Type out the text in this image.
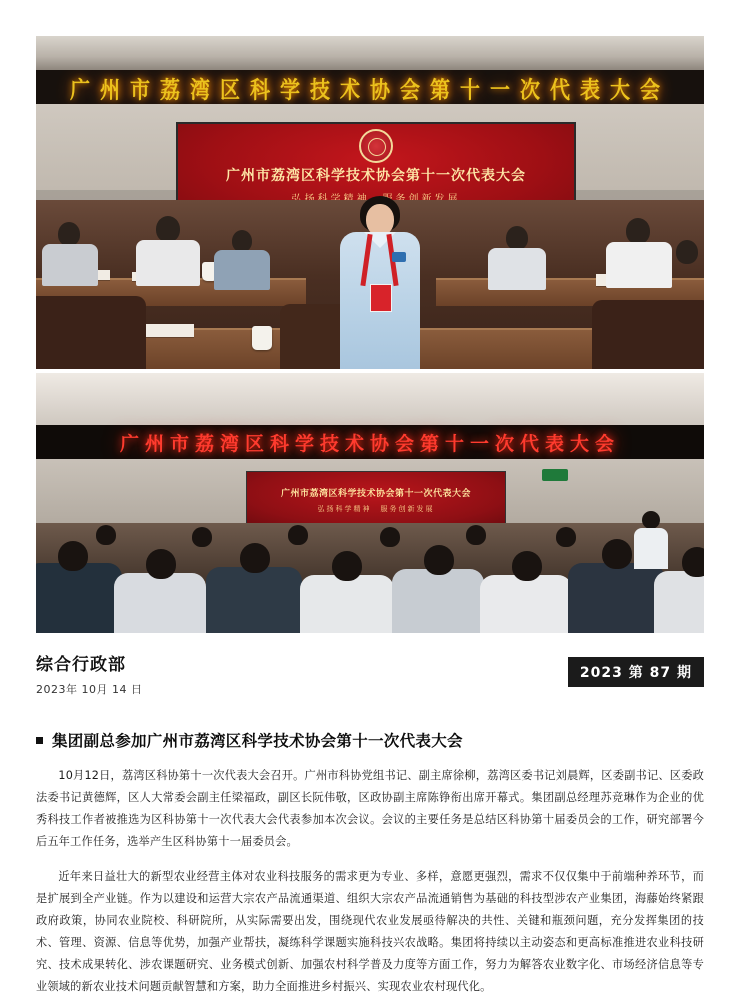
广州市荔湾区科学技术协会第十一次代表大会
广州市荔湾区科学技术协会第十一次代表大会
广州市荔湾区科学技术协会第十一次代表大会
广州市荔湾区科学技术协会第十一次代表大会
弘扬科学精神　服务创新发展
综合行政部
2023年 10月 14 日
2023 第 87 期
集团副总参加广州市荔湾区科学技术协会第十一次代表大会

10月12日，荔湾区科协第十一次代表大会召开。广州市科协党组书记、副主席徐柳，荔湾区委书记刘晨辉，区委副书记、区委政法委书记黄德辉，区人大常委会副主任梁福政，副区长阮伟敬，区政协副主席陈铮衔出席开幕式。集团副总经理苏竞琳作为企业的优秀科技工作者被推选为区科协第十一次代表大会代表参加本次会议。会议的主要任务是总结区科协第十届委员会的工作，研究部署今后五年工作任务，选举产生区科协第十一届委员会。

近年来日益壮大的新型农业经营主体对农业科技服务的需求更为专业、多样，意愿更强烈，需求不仅仅集中于前端种养环节，而是扩展到全产业链。作为以建设和运营大宗农产品流通渠道、组织大宗农产品流通销售为基础的科技型涉农产业集团，海藤始终紧跟政府政策，协同农业院校、科研院所，从实际需要出发，围绕现代农业发展亟待解决的共性、关键和瓶颈问题，充分发挥集团的技术、管理、资源、信息等优势，加强产业帮扶，凝练科学课题实施科技兴农战略。集团将持续以主动姿态和更高标准推进农业科技研究、技术成果转化、涉农课题研究、业务模式创新、加强农村科学普及力度等方面工作，努力为解答农业数字化、市场经济信息等专业领域的新农业技术问题贡献智慧和方案，助力全面推进乡村振兴、实现农业农村现代化。
